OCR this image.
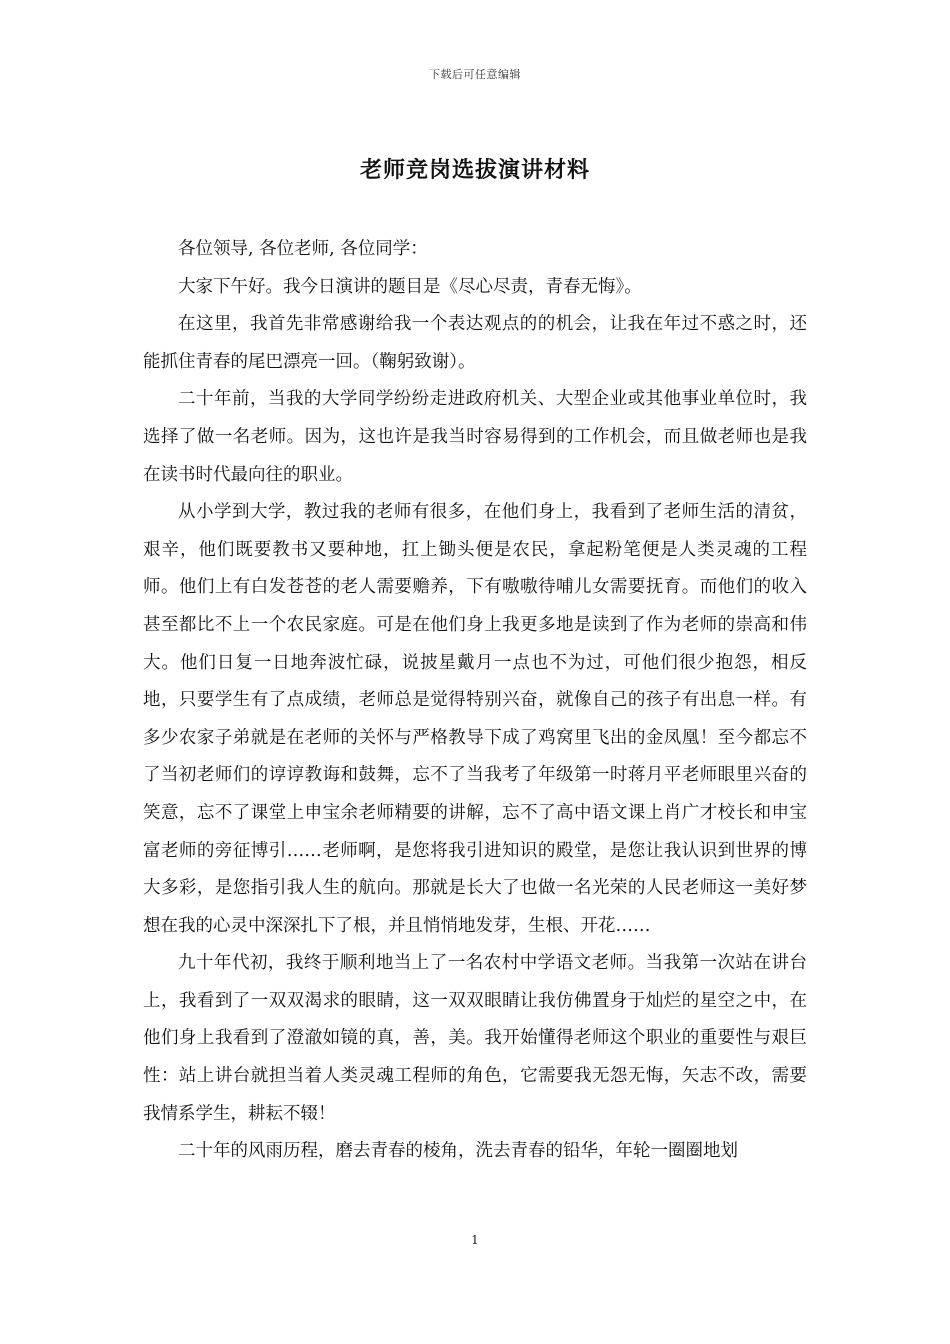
下载后可任意编辑
老师竞岗选拔演讲材料

各位领导, 各位老师, 各位同学：

大家下午好。我今日演讲的题目是《尽心尽责，青春无悔》。

在这里，我首先非常感谢给我一个表达观点的的机会，让我在年过不惑之时，还能抓住青春的尾巴漂亮一回。（鞠躬致谢）。

二十年前，当我的大学同学纷纷走进政府机关、大型企业或其他事业单位时，我选择了做一名老师。因为，这也许是我当时容易得到的工作机会，而且做老师也是我在读书时代最向往的职业。

从小学到大学，教过我的老师有很多，在他们身上，我看到了老师生活的清贫，艰辛，他们既要教书又要种地，扛上锄头便是农民，拿起粉笔便是人类灵魂的工程师。他们上有白发苍苍的老人需要赡养，下有嗷嗷待哺儿女需要抚育。而他们的收入甚至都比不上一个农民家庭。可是在他们身上我更多地是读到了作为老师的崇高和伟大。他们日复一日地奔波忙碌，说披星戴月一点也不为过，可他们很少抱怨，相反地，只要学生有了点成绩，老师总是觉得特别兴奋，就像自己的孩子有出息一样。有多少农家子弟就是在老师的关怀与严格教导下成了鸡窝里飞出的金凤凰！至今都忘不了当初老师们的谆谆教诲和鼓舞，忘不了当我考了年级第一时蒋月平老师眼里兴奋的笑意，忘不了课堂上申宝余老师精要的讲解，忘不了高中语文课上肖广才校长和申宝富老师的旁征博引……老师啊，是您将我引进知识的殿堂，是您让我认识到世界的博大多彩，是您指引我人生的航向。那就是长大了也做一名光荣的人民老师这一美好梦想在我的心灵中深深扎下了根，并且悄悄地发芽，生根、开花……

九十年代初，我终于顺利地当上了一名农村中学语文老师。当我第一次站在讲台上，我看到了一双双渴求的眼睛，这一双双眼睛让我仿佛置身于灿烂的星空之中，在他们身上我看到了澄澈如镜的真，善，美。我开始懂得老师这个职业的重要性与艰巨性：站上讲台就担当着人类灵魂工程师的角色，它需要我无怨无悔，矢志不改，需要我情系学生，耕耘不辍！

二十年的风雨历程，磨去青春的棱角，洗去青春的铅华，年轮一圈圈地划

1
